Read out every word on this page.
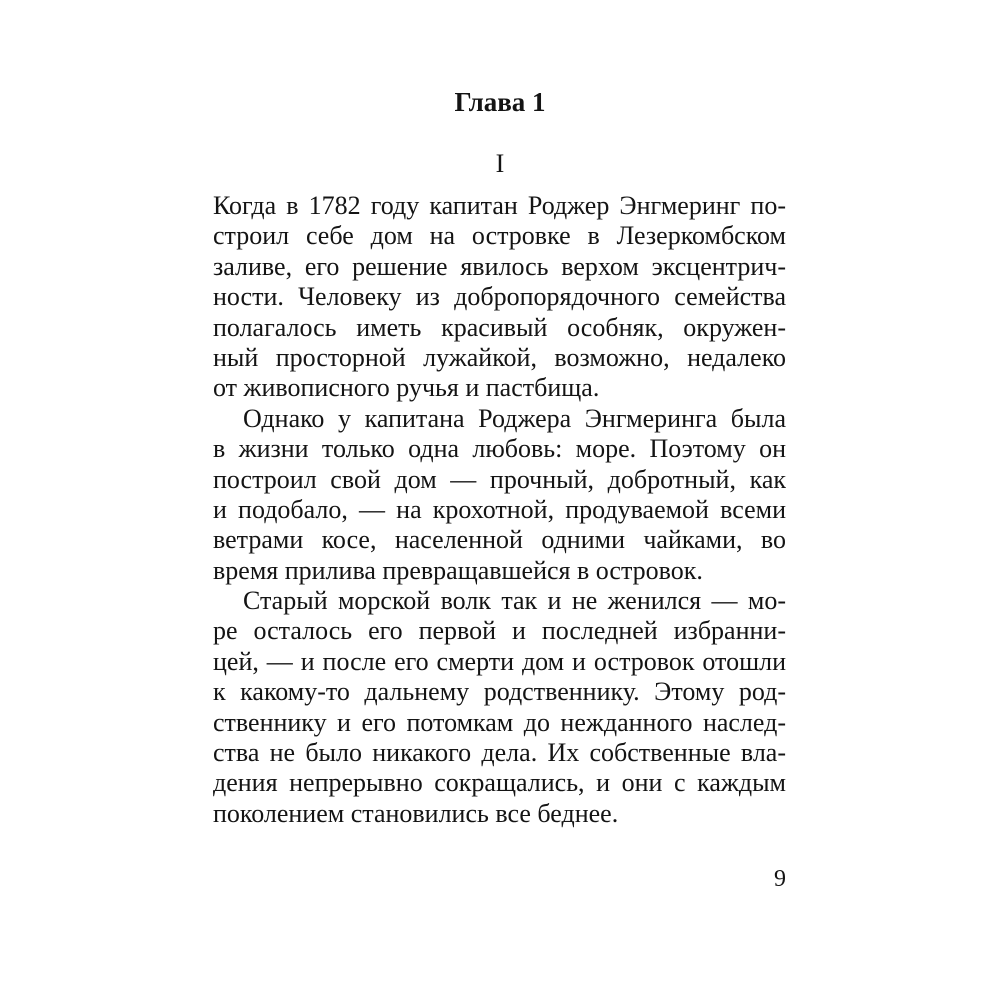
Глава 1
I
Когда в 1782 году капитан Роджер Энгмеринг по-
строил себе дом на островке в Лезеркомбском
заливе, его решение явилось верхом эксцентрич-
ности. Человеку из добропорядочного семейства
полагалось иметь красивый особняк, окружен-
ный просторной лужайкой, возможно, недалеко
от живописного ручья и пастбища.
Однако у капитана Роджера Энгмеринга была
в жизни только одна любовь: море. Поэтому он
построил свой дом — прочный, добротный, как
и подобало, — на крохотной, продуваемой всеми
ветрами косе, населенной одними чайками, во
время прилива превращавшейся в островок.
Старый морской волк так и не женился — мо-
ре осталось его первой и последней избранни-
цей, — и после его смерти дом и островок отошли
к какому-то дальнему родственнику. Этому род-
ственнику и его потомкам до нежданного наслед-
ства не было никакого дела. Их собственные вла-
дения непрерывно сокращались, и они с каждым
поколением становились все беднее.
9
